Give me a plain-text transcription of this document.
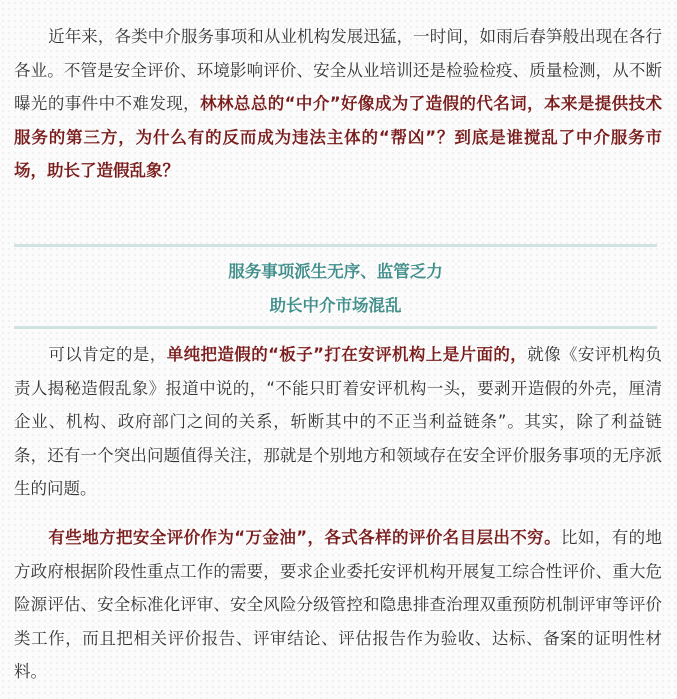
近年来，各类中介服务事项和从业机构发展迅猛，一时间，如雨后春笋般出现在各行各业。不管是安全评价、环境影响评价、安全从业培训还是检验检疫、质量检测，从不断曝光的事件中不难发现，林林总总的“中介”好像成为了造假的代名词，本来是提供技术服务的第三方，为什么有的反而成为违法主体的“帮凶”？到底是谁搅乱了中介服务市场，助长了造假乱象？

服务事项派生无序、监管乏力

助长中介市场混乱

可以肯定的是，单纯把造假的“板子”打在安评机构上是片面的，就像《安评机构负责人揭秘造假乱象》报道中说的，“不能只盯着安评机构一头，要剥开造假的外壳，厘清企业、机构、政府部门之间的关系，斩断其中的不正当利益链条”。其实，除了利益链条，还有一个突出问题值得关注，那就是个别地方和领域存在安全评价服务事项的无序派生的问题。

有些地方把安全评价作为“万金油”，各式各样的评价名目层出不穷。比如，有的地方政府根据阶段性重点工作的需要，要求企业委托安评机构开展复工综合性评价、重大危险源评估、安全标准化评审、安全风险分级管控和隐患排查治理双重预防机制评审等评价类工作，而且把相关评价报告、评审结论、评估报告作为验收、达标、备案的证明性材料。
